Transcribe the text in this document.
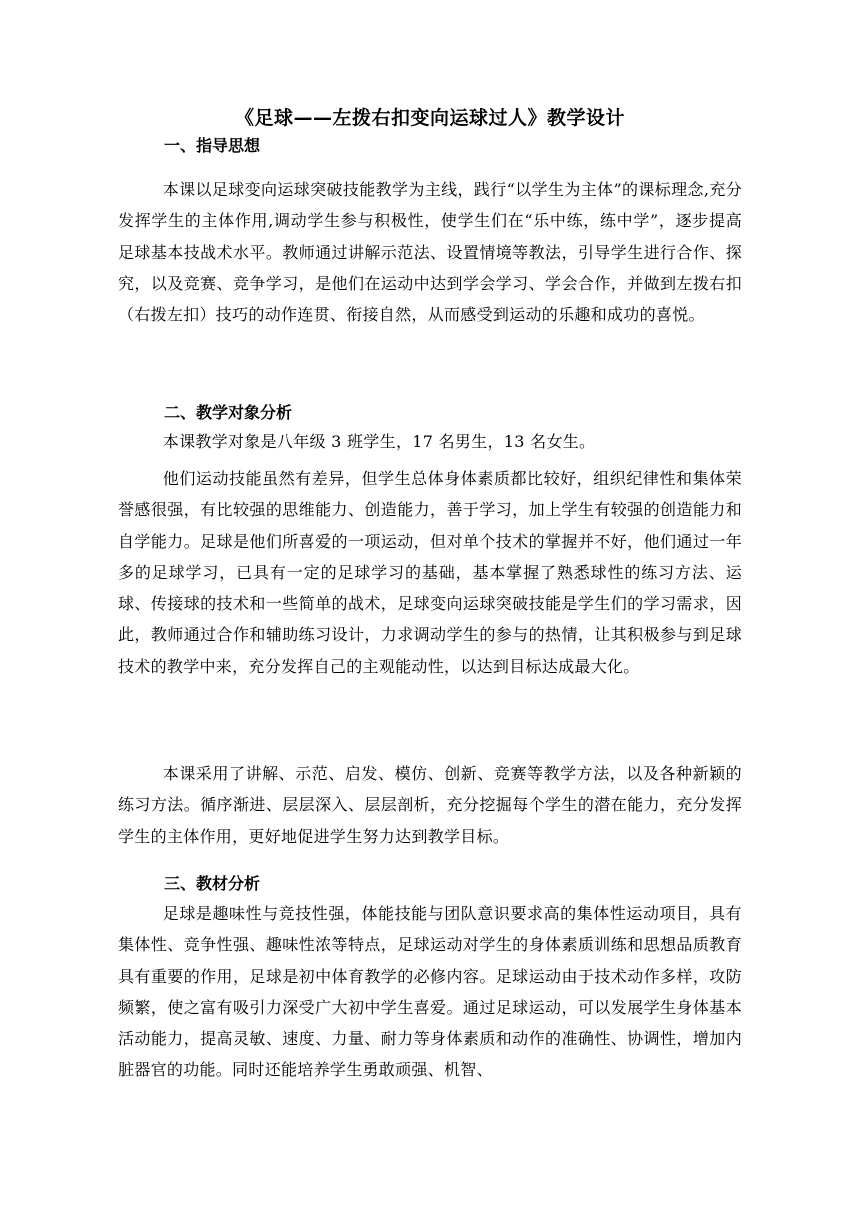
《足球——左拨右扣变向运球过人》教学设计
一、指导思想

本课以足球变向运球突破技能教学为主线，践行“以学生为主体”的课标理念,充分发挥学生的主体作用,调动学生参与积极性，使学生们在“乐中练，练中学”，逐步提高足球基本技战术水平。教师通过讲解示范法、设置情境等教法，引导学生进行合作、探究，以及竞赛、竞争学习，是他们在运动中达到学会学习、学会合作，并做到左拨右扣（右拨左扣）技巧的动作连贯、衔接自然，从而感受到运动的乐趣和成功的喜悦。

二、教学对象分析

本课教学对象是八年级 3 班学生，17 名男生，13 名女生。

他们运动技能虽然有差异，但学生总体身体素质都比较好，组织纪律性和集体荣誉感很强，有比较强的思维能力、创造能力，善于学习，加上学生有较强的创造能力和自学能力。足球是他们所喜爱的一项运动，但对单个技术的掌握并不好，他们通过一年多的足球学习，已具有一定的足球学习的基础，基本掌握了熟悉球性的练习方法、运球、传接球的技术和一些简单的战术，足球变向运球突破技能是学生们的学习需求，因此，教师通过合作和辅助练习设计，力求调动学生的参与的热情，让其积极参与到足球技术的教学中来，充分发挥自己的主观能动性，以达到目标达成最大化。

本课采用了讲解、示范、启发、模仿、创新、竞赛等教学方法，以及各种新颖的练习方法。循序渐进、层层深入、层层剖析，充分挖掘每个学生的潜在能力，充分发挥学生的主体作用，更好地促进学生努力达到教学目标。

三、教材分析

足球是趣味性与竞技性强，体能技能与团队意识要求高的集体性运动项目，具有集体性、竞争性强、趣味性浓等特点，足球运动对学生的身体素质训练和思想品质教育具有重要的作用，足球是初中体育教学的必修内容。足球运动由于技术动作多样，攻防频繁，使之富有吸引力深受广大初中学生喜爱。通过足球运动，可以发展学生身体基本活动能力，提高灵敏、速度、力量、耐力等身体素质和动作的准确性、协调性，增加内脏器官的功能。同时还能培养学生勇敢顽强、机智、
